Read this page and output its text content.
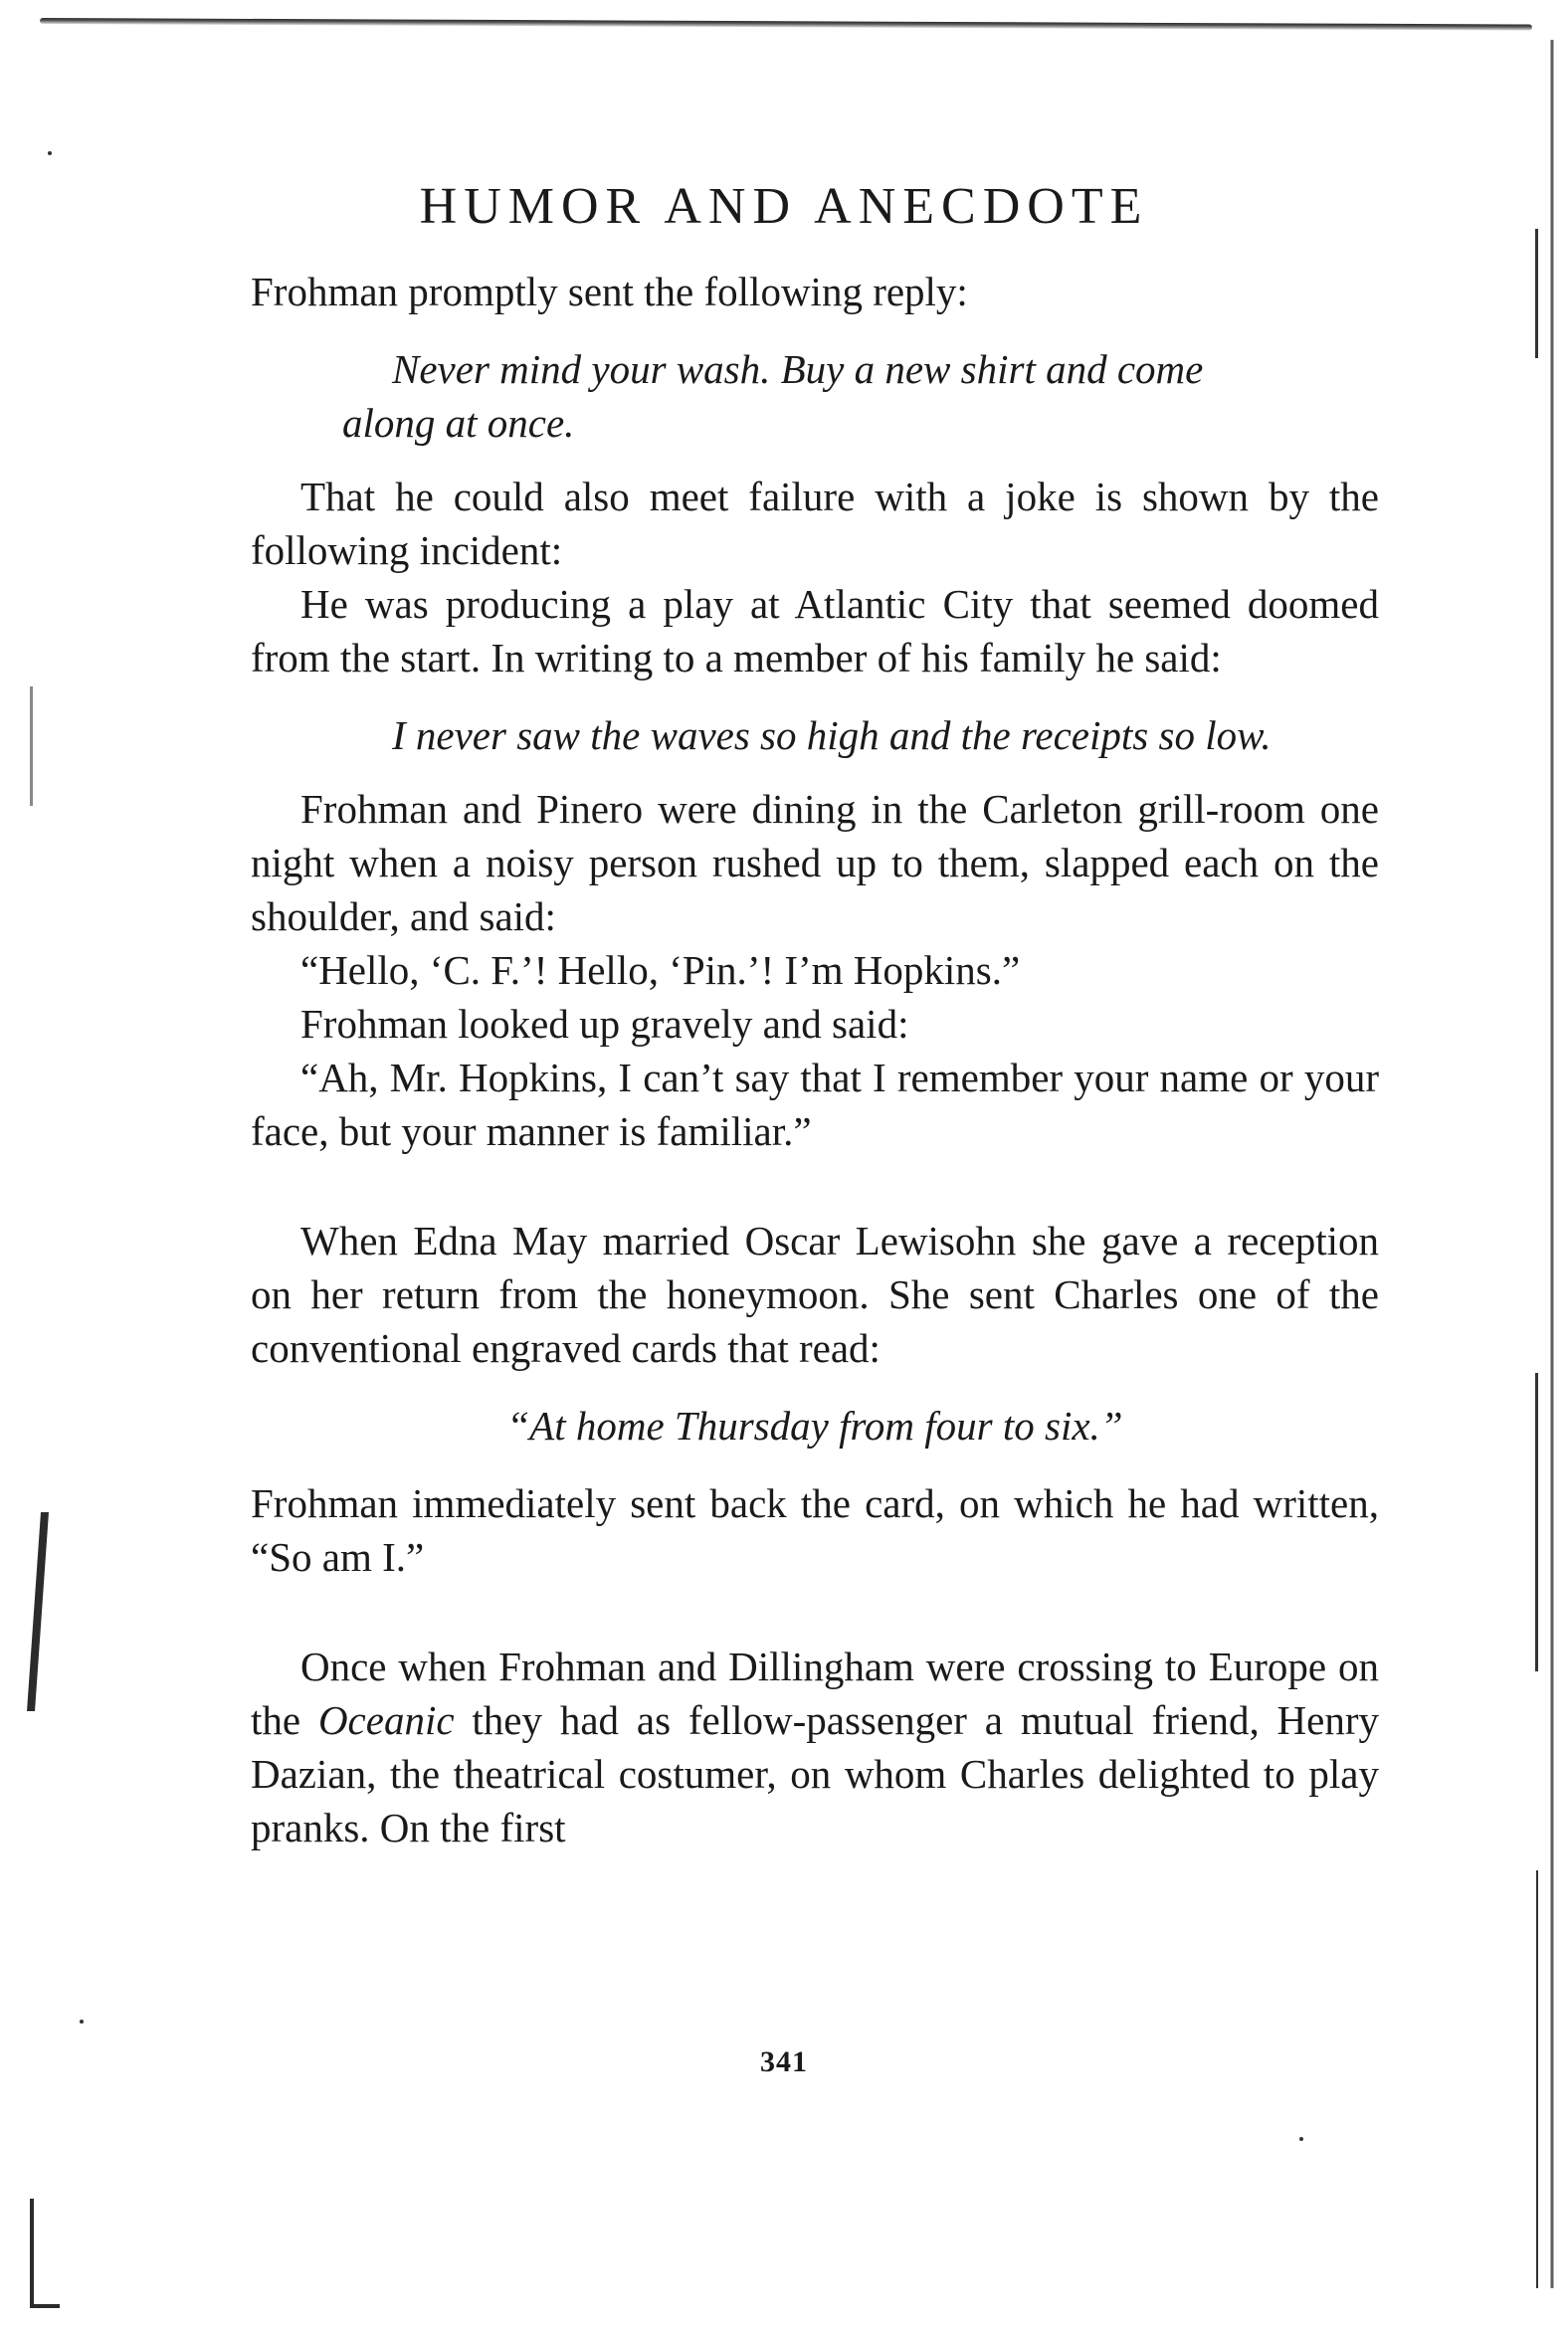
HUMOR AND ANECDOTE

Frohman promptly sent the following reply:

Never mind your wash. Buy a new shirt and come along at once.

That he could also meet failure with a joke is shown by the following incident:

He was producing a play at Atlantic City that seemed doomed from the start. In writing to a member of his family he said:

I never saw the waves so high and the receipts so low.

Frohman and Pinero were dining in the Carleton grill-room one night when a noisy person rushed up to them, slapped each on the shoulder, and said:

“Hello, ‘C. F.’! Hello, ‘Pin.’! I’m Hopkins.”

Frohman looked up gravely and said:

“Ah, Mr. Hopkins, I can’t say that I remember your name or your face, but your manner is familiar.”

When Edna May married Oscar Lewisohn she gave a reception on her return from the honeymoon. She sent Charles one of the conventional engraved cards that read:

“At home Thursday from four to six.”

Frohman immediately sent back the card, on which he had written, “So am I.”

Once when Frohman and Dillingham were crossing to Europe on the Oceanic they had as fellow-passenger a mutual friend, Henry Dazian, the theatrical costumer, on whom Charles delighted to play pranks. On the first

341
